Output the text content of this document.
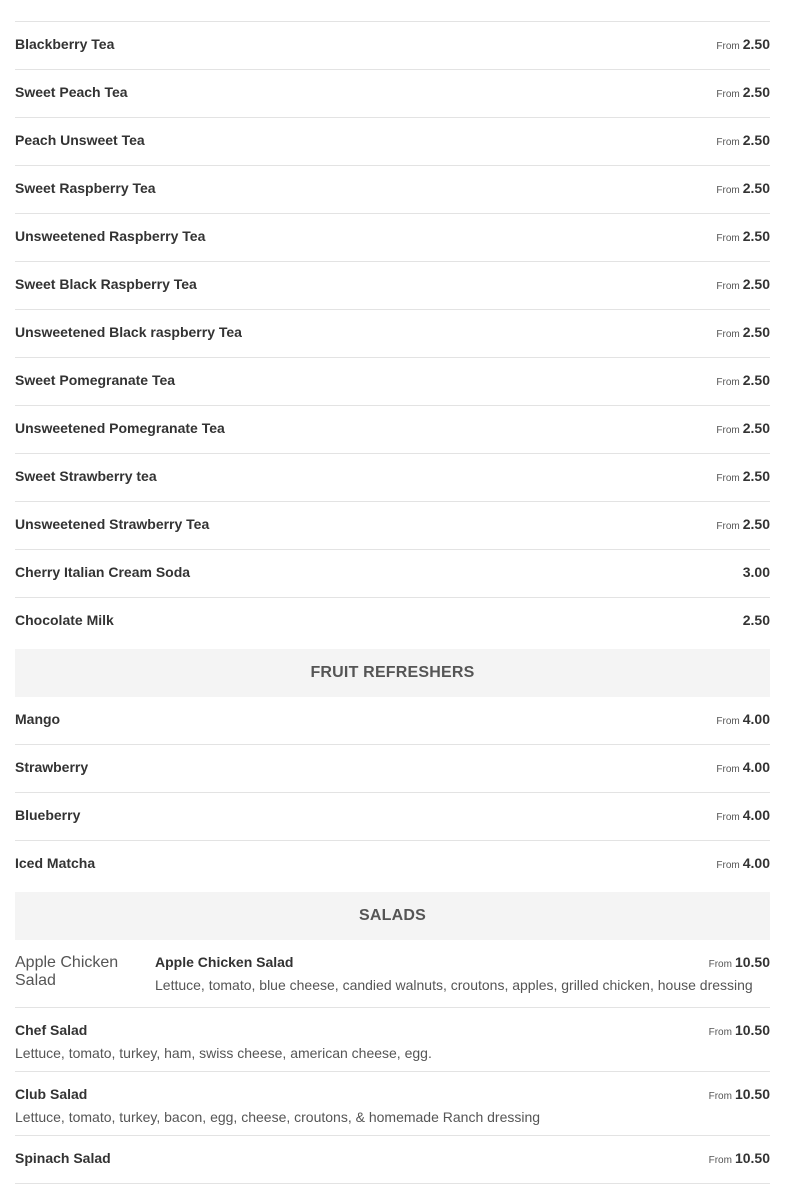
Blackberry Tea	From 2.50
Sweet Peach Tea	From 2.50
Peach Unsweet Tea	From 2.50
Sweet Raspberry Tea	From 2.50
Unsweetened Raspberry Tea	From 2.50
Sweet Black Raspberry Tea	From 2.50
Unsweetened Black raspberry Tea	From 2.50
Sweet Pomegranate Tea	From 2.50
Unsweetened Pomegranate Tea	From 2.50
Sweet Strawberry tea	From 2.50
Unsweetened Strawberry Tea	From 2.50
Cherry Italian Cream Soda	3.00
Chocolate Milk	2.50
FRUIT REFRESHERS
Mango	From 4.00
Strawberry	From 4.00
Blueberry	From 4.00
Iced Matcha	From 4.00
SALADS
Apple Chicken Salad
Apple Chicken Salad	From 10.50
Lettuce, tomato, blue cheese, candied walnuts, croutons, apples, grilled chicken, house dressing
Chef Salad	From 10.50
Lettuce, tomato, turkey, ham, swiss cheese, american cheese, egg.
Club Salad	From 10.50
Lettuce, tomato, turkey, bacon, egg, cheese, croutons, & homemade Ranch dressing
Spinach Salad	From 10.50
